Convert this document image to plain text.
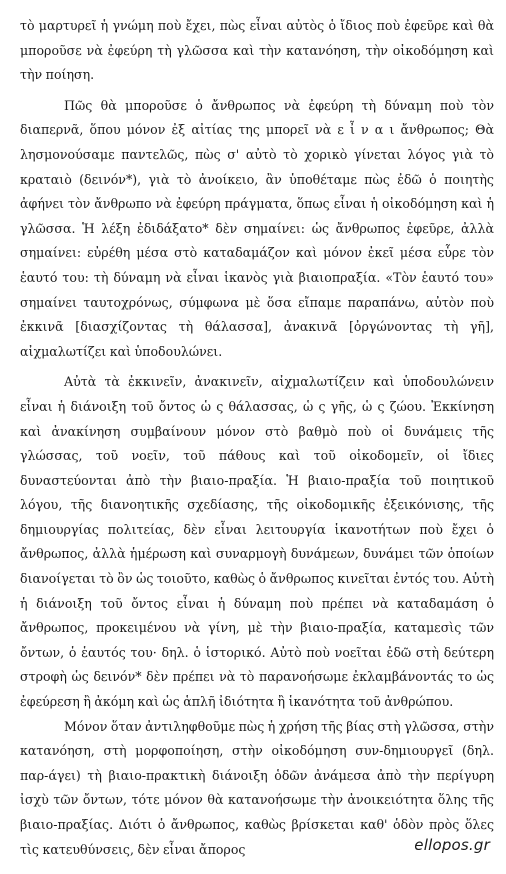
τὸ μαρτυρεῖ ἡ γνώμη ποὺ ἔχει, πὼς εἶναι αὐτὸς ὁ ἴδιος ποὺ ἐφεῦρε καὶ θὰ μποροῦσε νὰ ἐφεύρη τὴ γλῶσσα καὶ τὴν κατανόηση, τὴν οἰκοδόμηση καὶ τὴν ποίηση.

Πῶς θὰ μποροῦσε ὁ ἄνθρωπος νὰ ἐφεύρη τὴ δύναμη ποὺ τὸν διαπερνᾶ, ὅπου μόνον ἐξ αἰτίας της μπορεῖ νὰ ε ἶ ν α ι ἄνθρωπος; Θὰ λησμονούσαμε παντελῶς, πὼς σ' αὐτὸ τὸ χορικὸ γίνεται λόγος γιὰ τὸ κραταιὸ (δεινόν*), γιὰ τὸ ἀνοίκειο, ἂν ὑποθέταμε πὼς ἐδῶ ὁ ποιητὴς ἀφήνει τὸν ἄνθρωπο νὰ ἐφεύρη πράγματα, ὅπως εἶναι ἡ οἰκοδόμηση καὶ ἡ γλῶσσα. Ἡ λέξη ἐδιδάξατο* δὲν σημαίνει: ὡς ἄνθρωπος ἐφεῦρε, ἀλλὰ σημαίνει: εὐρέθη μέσα στὸ καταδαμάζον καὶ μόνον ἐκεῖ μέσα εὗρε τὸν ἑαυτό του: τὴ δύναμη νὰ εἶναι ἱκανὸς γιὰ βιαιοπραξία. «Τὸν ἑαυτό του» σημαίνει ταυτοχρόνως, σύμφωνα μὲ ὅσα εἴπαμε παραπάνω, αὐτὸν ποὺ ἐκκινᾶ [διασχίζοντας τὴ θάλασσα], ἀνακινᾶ [ὀργώνοντας τὴ γῆ], αἰχμαλωτίζει καὶ ὑποδουλώνει.

Αὐτὰ τὰ ἐκκινεῖν, ἀνακινεῖν, αἰχμαλωτίζειν καὶ ὑποδουλώνειν εἶναι ἡ διάνοιξη τοῦ ὄντος ὡ ς θάλασσας, ὡ ς γῆς, ὡ ς ζώου. Ἐκκίνηση καὶ ἀνακίνηση συμβαίνουν μόνον στὸ βαθμὸ ποὺ οἱ δυνάμεις τῆς γλώσσας, τοῦ νοεῖν, τοῦ πάθους καὶ τοῦ οἰκοδομεῖν, οἱ ἴδιες δυναστεύονται ἀπὸ τὴν βιαιο-πραξία. Ἡ βιαιο-πραξία τοῦ ποιητικοῦ λόγου, τῆς διανοητικῆς σχεδίασης, τῆς οἰκοδομικῆς ἐξεικόνισης, τῆς δημιουργίας πολιτείας, δὲν εἶναι λειτουργία ἱκανοτήτων ποὺ ἔχει ὁ ἄνθρωπος, ἀλλὰ ἡμέρωση καὶ συναρμογὴ δυνάμεων, δυνάμει τῶν ὁποίων διανοίγεται τὸ ὂν ὡς τοιοῦτο, καθὼς ὁ ἄνθρωπος κινεῖται ἐντός του. Αὐτὴ ἡ διάνοιξη τοῦ ὄντος εἶναι ἡ δύναμη ποὺ πρέπει νὰ καταδαμάση ὁ ἄνθρωπος, προκειμένου νὰ γίνη, μὲ τὴν βιαιο-πραξία, καταμεσὶς τῶν ὄντων, ὁ ἑαυτός του· δηλ. ὁ ἱστορικό. Αὐτὸ ποὺ νοεῖται ἐδῶ στὴ δεύτερη στροφὴ ὡς δεινόν* δὲν πρέπει νὰ τὸ παρανοήσωμε ἐκλαμβάνοντάς το ὡς ἐφεύρεση ἢ ἀκόμη καὶ ὡς ἁπλῆ ἰδιότητα ἢ ἱκανότητα τοῦ ἀνθρώπου.

Μόνον ὅταν ἀντιληφθοῦμε πὼς ἡ χρήση τῆς βίας στὴ γλῶσσα, στὴν κατανόηση, στὴ μορφοποίηση, στὴν οἰκοδόμηση συν-δημιουργεῖ (δηλ. παρ-άγει) τὴ βιαιο-πρακτικὴ διάνοιξη ὁδῶν ἀνάμεσα ἀπὸ τὴν περίγυρη ἰσχὺ τῶν ὄντων, τότε μόνον θὰ κατανοήσωμε τὴν ἀνοικειότητα ὅλης τῆς βιαιο-πραξίας. Διότι ὁ ἄνθρωπος, καθὼς βρίσκεται καθ' ὁδὸν πρὸς ὅλες τὶς κατευθύνσεις, δὲν εἶναι ἄπορος	ellopos.gr
